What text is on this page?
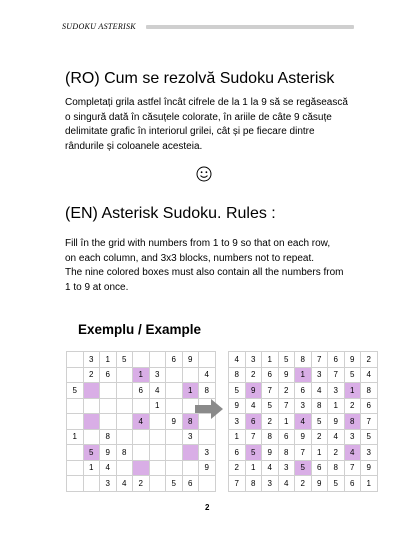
SUDOKU ASTERISK
(RO) Cum se rezolvă Sudoku Asterisk
Completați grila astfel încât cifrele de la 1 la 9 să se regăsească
o singură dată în căsuțele colorate, în ariile de câte 9 căsuțe
delimitate grafic în interiorul grilei, cât și pe fiecare dintre
rândurile și coloanele acesteia.
(EN) Asterisk Sudoku. Rules :
Fill în the grid with numbers from 1 to 9 so that on each row,
on each column, and 3x3 blocks, numbers not to repeat.
The nine colored boxes must also contain all the numbers from
1 to 9 at once.
Exemplu / Example
	3	1	5			6	9	
	2	6		1	3			4
5				6	4		1	8
					1			
				4		9	8	
1		8					3	
	5	9	8					3
	1	4						9
		3	4	2		5	6	
4	3	1	5	8	7	6	9	2
8	2	6	9	1	3	7	5	4
5	9	7	2	6	4	3	1	8
9	4	5	7	3	8	1	2	6
3	6	2	1	4	5	9	8	7
1	7	8	6	9	2	4	3	5
6	5	9	8	7	1	2	4	3
2	1	4	3	5	6	8	7	9
7	8	3	4	2	9	5	6	1
2
